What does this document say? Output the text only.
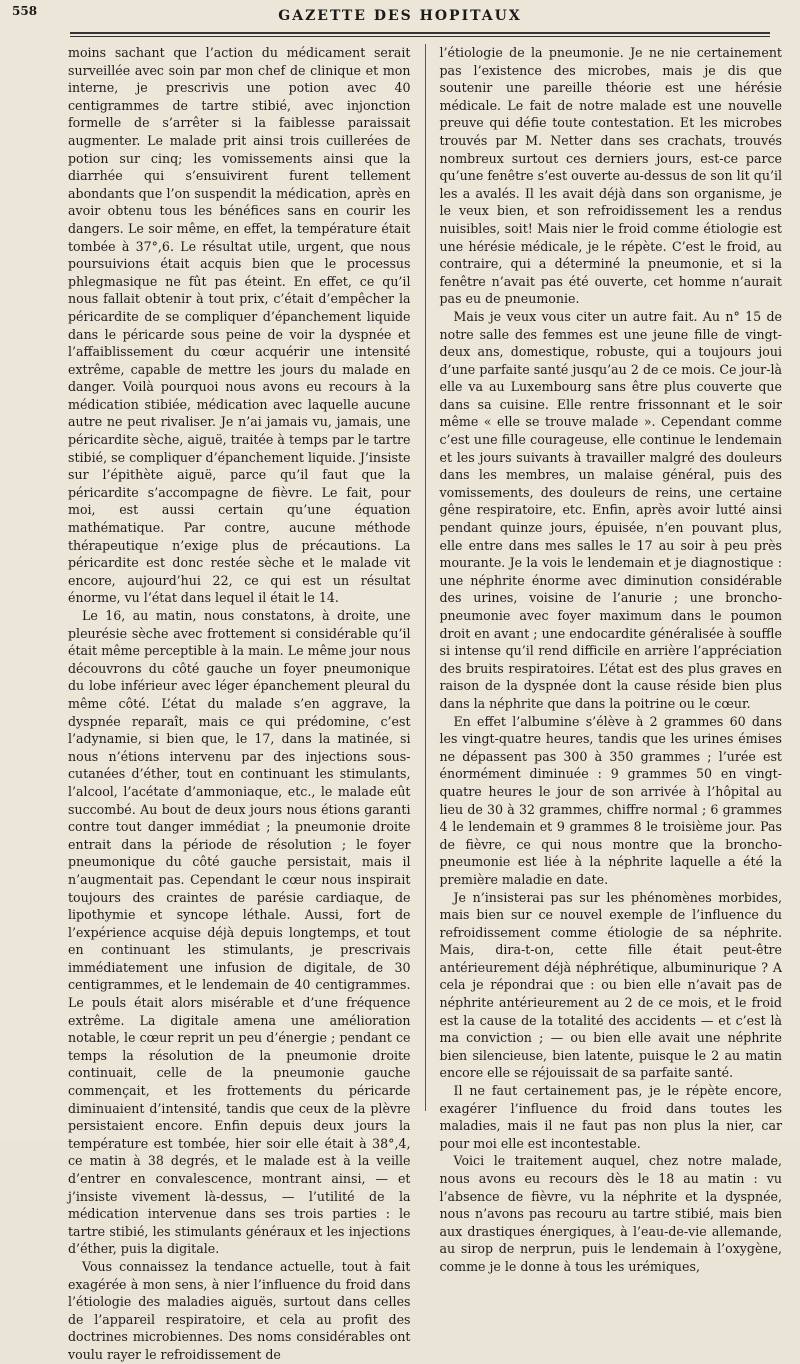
558	GAZETTE DES HOPITAUX

moins sachant que l’action du médicament serait surveillée avec soin par mon chef de clinique et mon interne, je prescrivis une potion avec 40 centigrammes de tartre stibié, avec injonction formelle de s’arrêter si la faiblesse paraissait augmenter. Le malade prit ainsi trois cuillerées de potion sur cinq; les vomissements ainsi que la diarrhée qui s’ensuivirent furent tellement abondants que l’on suspendit la médication, après en avoir obtenu tous les bénéfices sans en courir les dangers. Le soir même, en effet, la température était tombée à 37°,6. Le résultat utile, urgent, que nous poursuivions était acquis bien que le processus phlegmasique ne fût pas éteint. En effet, ce qu’il nous fallait obtenir à tout prix, c’était d’empêcher la péricardite de se compliquer d’épanchement liquide dans le péricarde sous peine de voir la dyspnée et l’affaiblissement du cœur acquérir une intensité extrême, capable de mettre les jours du malade en danger. Voilà pourquoi nous avons eu recours à la médication stibiée, médication avec laquelle aucune autre ne peut rivaliser. Je n’ai jamais vu, jamais, une péricardite sèche, aiguë, traitée à temps par le tartre stibié, se compliquer d’épanchement liquide. J’insiste sur l’épithète aiguë, parce qu’il faut que la péricardite s’accompagne de fièvre. Le fait, pour moi, est aussi certain qu’une équation mathématique. Par contre, aucune méthode thérapeutique n’exige plus de précautions. La péricardite est donc restée sèche et le malade vit encore, aujourd’hui 22, ce qui est un résultat énorme, vu l’état dans lequel il était le 14.

Le 16, au matin, nous constatons, à droite, une pleurésie sèche avec frottement si considérable qu’il était même perceptible à la main. Le même jour nous découvrons du côté gauche un foyer pneumonique du lobe inférieur avec léger épanchement pleural du même côté. L’état du malade s’en aggrave, la dyspnée reparaît, mais ce qui prédomine, c’est l’adynamie, si bien que, le 17, dans la matinée, si nous n’étions intervenu par des injections sous-cutanées d’éther, tout en continuant les stimulants, l’alcool, l’acétate d’ammoniaque, etc., le malade eût succombé. Au bout de deux jours nous étions garanti contre tout danger immédiat ; la pneumonie droite entrait dans la période de résolution ; le foyer pneumonique du côté gauche persistait, mais il n’augmentait pas. Cependant le cœur nous inspirait toujours des craintes de parésie cardiaque, de lipothymie et syncope léthale. Aussi, fort de l’expérience acquise déjà depuis longtemps, et tout en continuant les stimulants, je prescrivais immédiatement une infusion de digitale, de 30 centigrammes, et le lendemain de 40 centigrammes. Le pouls était alors misérable et d’une fréquence extrême. La digitale amena une amélioration notable, le cœur reprit un peu d’énergie ; pendant ce temps la résolution de la pneumonie droite continuait, celle de la pneumonie gauche commençait, et les frottements du péricarde diminuaient d’intensité, tandis que ceux de la plèvre persistaient encore. Enfin depuis deux jours la température est tombée, hier soir elle était à 38°,4, ce matin à 38 degrés, et le malade est à la veille d’entrer en convalescence, montrant ainsi, — et j’insiste vivement là-dessus, — l’utilité de la médication intervenue dans ses trois parties : le tartre stibié, les stimulants généraux et les injections d’éther, puis la digitale.

Vous connaissez la tendance actuelle, tout à fait exagérée à mon sens, à nier l’influence du froid dans l’étiologie des maladies aiguës, surtout dans celles de l’appareil respiratoire, et cela au profit des doctrines microbiennes. Des noms considérables ont voulu rayer le refroidissement de

l’étiologie de la pneumonie. Je ne nie certainement pas l’existence des microbes, mais je dis que soutenir une pareille théorie est une hérésie médicale. Le fait de notre malade est une nouvelle preuve qui défie toute contestation. Et les microbes trouvés par M. Netter dans ses crachats, trouvés nombreux surtout ces derniers jours, est-ce parce qu’une fenêtre s’est ouverte au-dessus de son lit qu’il les a avalés. Il les avait déjà dans son organisme, je le veux bien, et son refroidissement les a rendus nuisibles, soit! Mais nier le froid comme étiologie est une hérésie médicale, je le répète. C’est le froid, au contraire, qui a déterminé la pneumonie, et si la fenêtre n’avait pas été ouverte, cet homme n’aurait pas eu de pneumonie.

Mais je veux vous citer un autre fait. Au n° 15 de notre salle des femmes est une jeune fille de vingt-deux ans, domestique, robuste, qui a toujours joui d’une parfaite santé jusqu’au 2 de ce mois. Ce jour-là elle va au Luxembourg sans être plus couverte que dans sa cuisine. Elle rentre frissonnant et le soir même « elle se trouve malade ». Cependant comme c’est une fille courageuse, elle continue le lendemain et les jours suivants à travailler malgré des douleurs dans les membres, un malaise général, puis des vomissements, des douleurs de reins, une certaine gêne respiratoire, etc. Enfin, après avoir lutté ainsi pendant quinze jours, épuisée, n’en pouvant plus, elle entre dans mes salles le 17 au soir à peu près mourante. Je la vois le lendemain et je diagnostique : une néphrite énorme avec diminution considérable des urines, voisine de l’anurie ; une broncho-pneumonie avec foyer maximum dans le poumon droit en avant ; une endocardite généralisée à souffle si intense qu’il rend difficile en arrière l’appréciation des bruits respiratoires. L’état est des plus graves en raison de la dyspnée dont la cause réside bien plus dans la néphrite que dans la poitrine ou le cœur.

En effet l’albumine s’élève à 2 grammes 60 dans les vingt-quatre heures, tandis que les urines émises ne dépassent pas 300 à 350 grammes ; l’urée est énormément diminuée : 9 grammes 50 en vingt-quatre heures le jour de son arrivée à l’hôpital au lieu de 30 à 32 grammes, chiffre normal ; 6 grammes 4 le lendemain et 9 grammes 8 le troisième jour. Pas de fièvre, ce qui nous montre que la broncho-pneumonie est liée à la néphrite laquelle a été la première maladie en date.

Je n’insisterai pas sur les phénomènes morbides, mais bien sur ce nouvel exemple de l’influence du refroidissement comme étiologie de sa néphrite. Mais, dira-t-on, cette fille était peut-être antérieurement déjà néphrétique, albuminurique ? A cela je répondrai que : ou bien elle n’avait pas de néphrite antérieurement au 2 de ce mois, et le froid est la cause de la totalité des accidents — et c’est là ma conviction ; — ou bien elle avait une néphrite bien silencieuse, bien latente, puisque le 2 au matin encore elle se réjouissait de sa parfaite santé.

Il ne faut certainement pas, je le répète encore, exagérer l’influence du froid dans toutes les maladies, mais il ne faut pas non plus la nier, car pour moi elle est incontestable.

Voici le traitement auquel, chez notre malade, nous avons eu recours dès le 18 au matin : vu l’absence de fièvre, vu la néphrite et la dyspnée, nous n’avons pas recouru au tartre stibié, mais bien aux drastiques énergiques, à l’eau-de-vie allemande, au sirop de nerprun, puis le lendemain à l’oxygène, comme je le donne à tous les urémiques,
